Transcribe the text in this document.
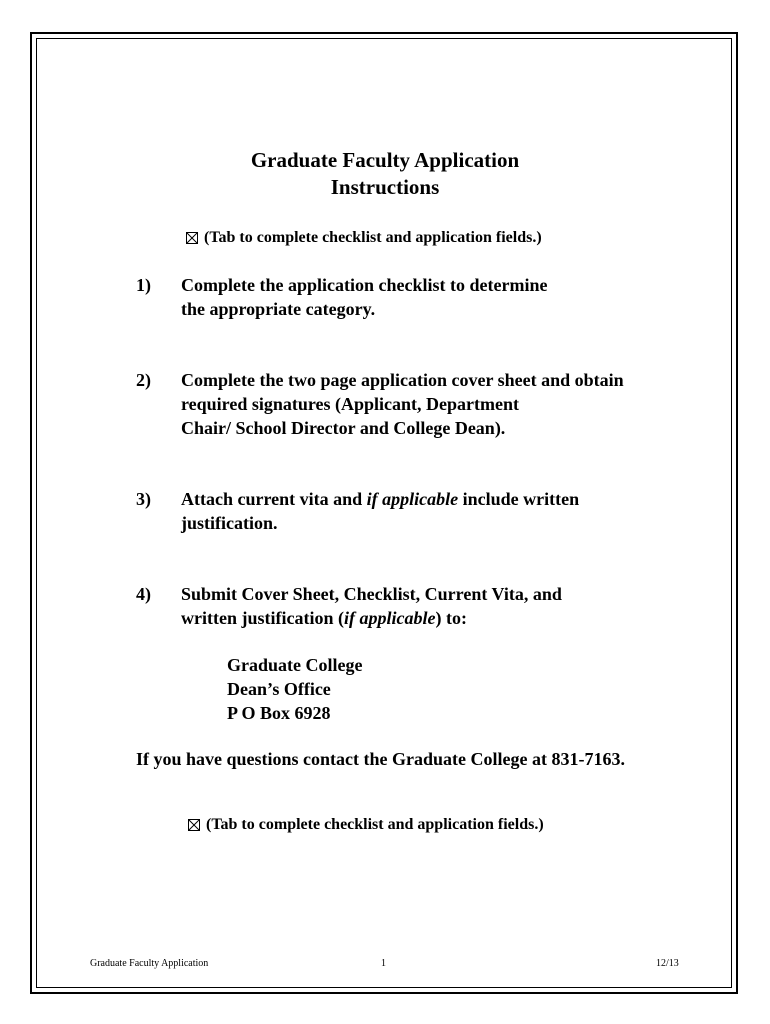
Graduate Faculty Application
Instructions
(Tab to complete checklist and application fields.)
1) Complete the application checklist to determine
the appropriate category.
2) Complete the two page application cover sheet and obtain
required signatures (Applicant, Department
Chair/ School Director and College Dean).
3) Attach current vita and if applicable include written
justification.
4) Submit Cover Sheet, Checklist, Current Vita, and
written justification (if applicable) to:
Graduate College
Dean’s Office
P O Box 6928
If you have questions contact the Graduate College at 831-7163.
(Tab to complete checklist and application fields.)
Graduate Faculty Application	1	12/13
